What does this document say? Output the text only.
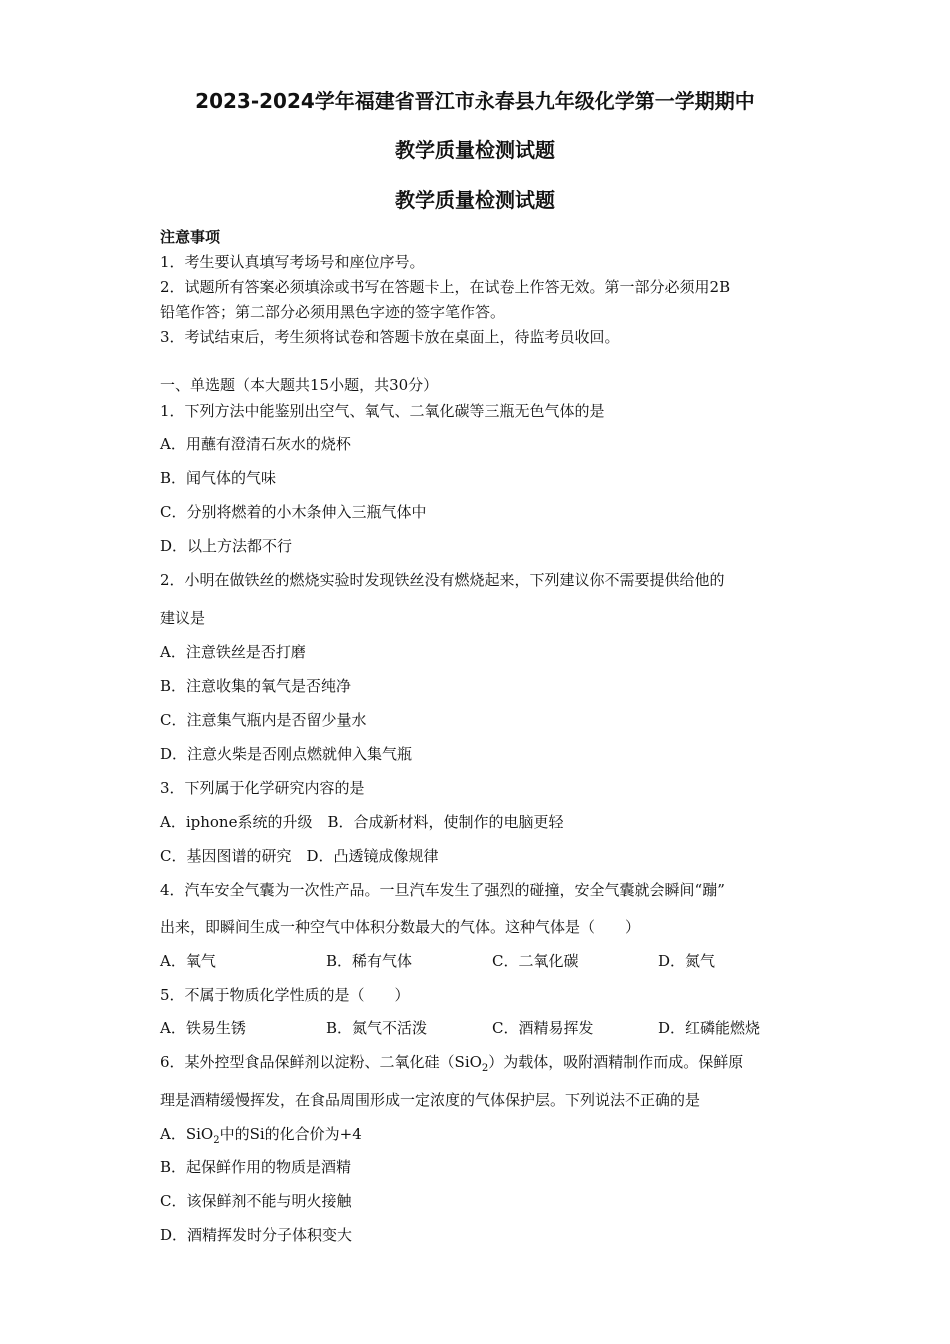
2023-2024学年福建省晋江市永春县九年级化学第一学期期中
教学质量检测试题
教学质量检测试题
注意事项
1．考生要认真填写考场号和座位序号。
2．试题所有答案必须填涂或书写在答题卡上，在试卷上作答无效。第一部分必须用2B
铅笔作答；第二部分必须用黑色字迹的签字笔作答。
3．考试结束后，考生须将试卷和答题卡放在桌面上，待监考员收回。
一、单选题（本大题共15小题，共30分）
1．下列方法中能鉴别出空气、氧气、二氧化碳等三瓶无色气体的是
A．用蘸有澄清石灰水的烧杯
B．闻气体的气味
C．分别将燃着的小木条伸入三瓶气体中
D．以上方法都不行
2．小明在做铁丝的燃烧实验时发现铁丝没有燃烧起来，下列建议你不需要提供给他的
建议是
A．注意铁丝是否打磨
B．注意收集的氧气是否纯净
C．注意集气瓶内是否留少量水
D．注意火柴是否刚点燃就伸入集气瓶
3．下列属于化学研究内容的是
A．iphone系统的升级　B．合成新材料，使制作的电脑更轻
C．基因图谱的研究　D．凸透镜成像规律
4．汽车安全气囊为一次性产品。一旦汽车发生了强烈的碰撞，安全气囊就会瞬间“蹦”
出来，即瞬间生成一种空气中体积分数最大的气体。这种气体是（　　）
A．氧气	B．稀有气体	C．二氧化碳	D．氮气
5．不属于物质化学性质的是（　　）
A．铁易生锈	B．氮气不活泼	C．酒精易挥发	D．红磷能燃烧
6．某外控型食品保鲜剂以淀粉、二氧化硅（SiO$_2$）为载体，吸附酒精制作而成。保鲜原
理是酒精缓慢挥发，在食品周围形成一定浓度的气体保护层。下列说法不正确的是
A．SiO$_2$中的Si的化合价为+4
B．起保鲜作用的物质是酒精
C．该保鲜剂不能与明火接触
D．酒精挥发时分子体积变大
